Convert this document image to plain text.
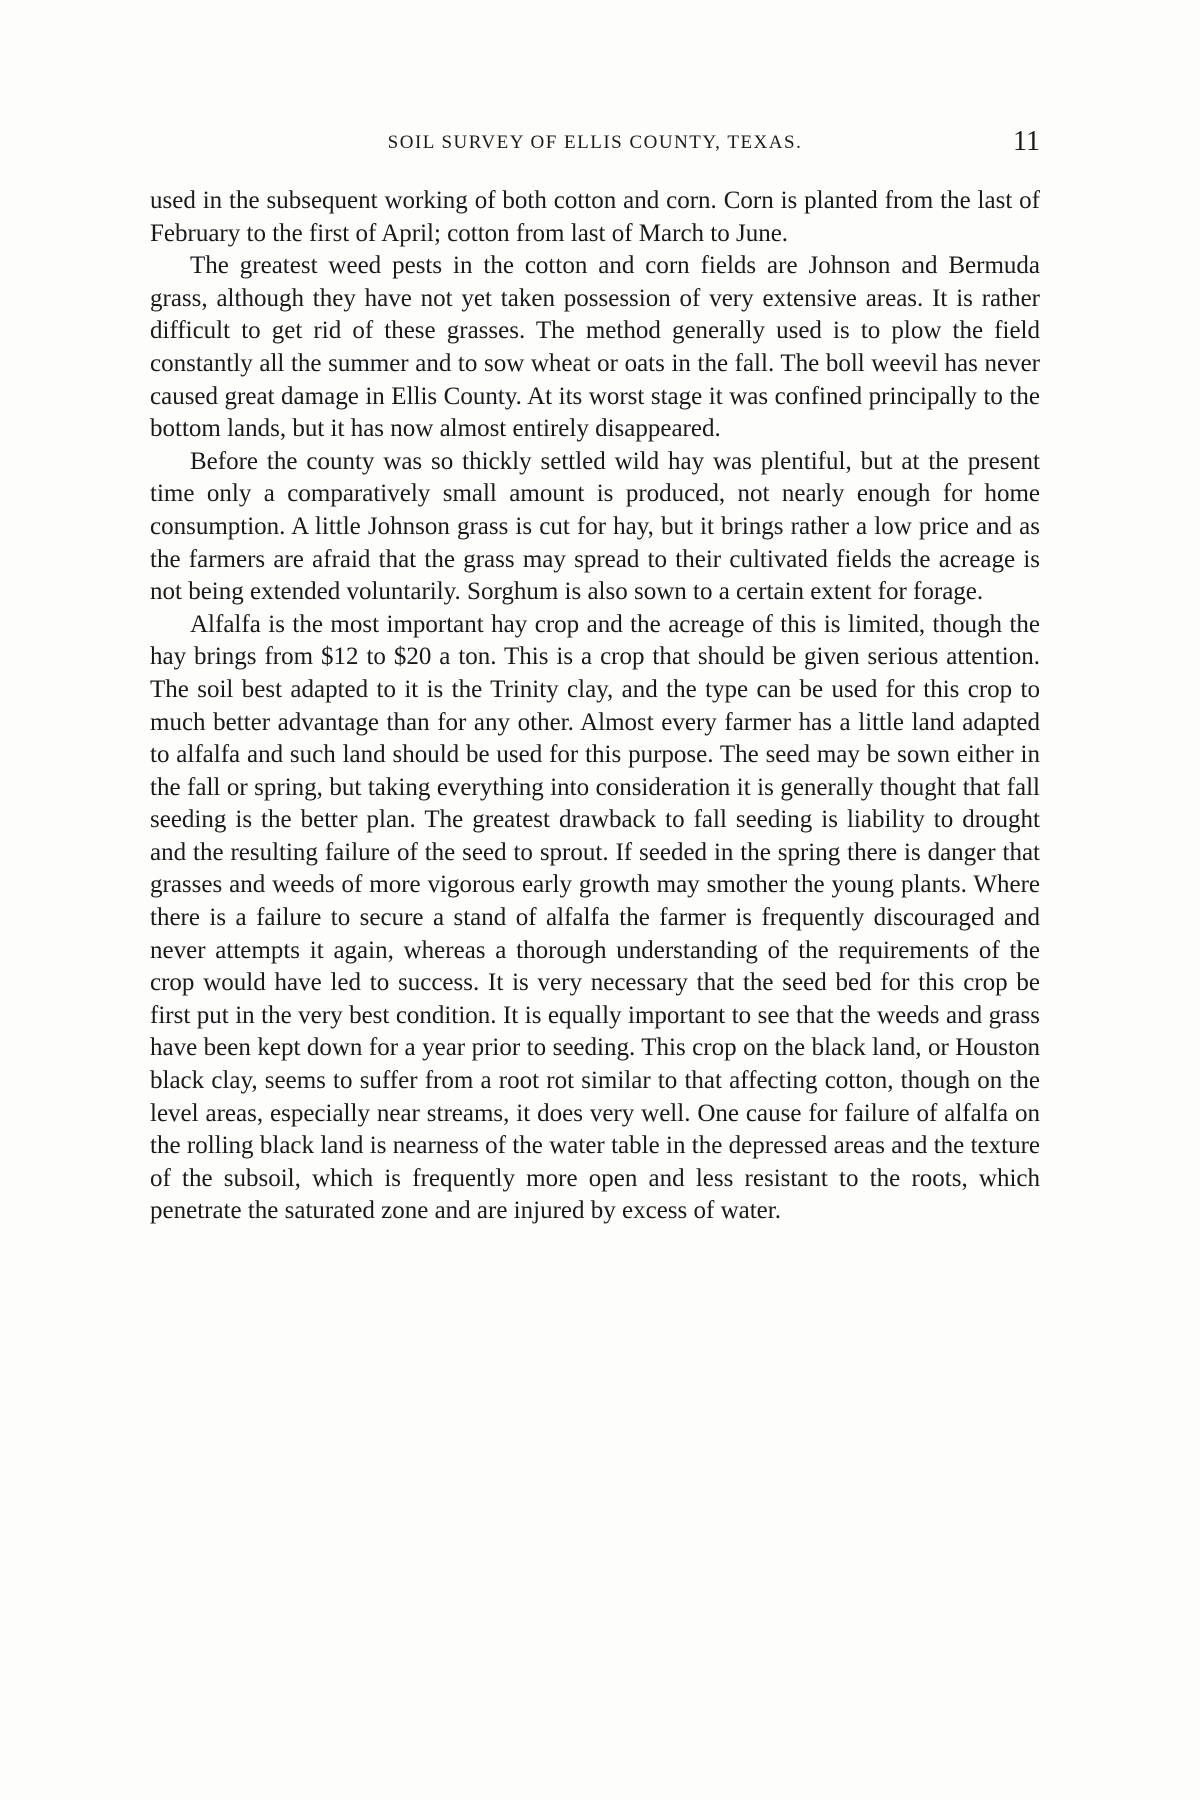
SOIL SURVEY OF ELLIS COUNTY, TEXAS.	11

used in the subsequent working of both cotton and corn. Corn is planted from the last of February to the first of April; cotton from last of March to June.

The greatest weed pests in the cotton and corn fields are Johnson and Bermuda grass, although they have not yet taken possession of very extensive areas. It is rather difficult to get rid of these grasses. The method generally used is to plow the field constantly all the summer and to sow wheat or oats in the fall. The boll weevil has never caused great damage in Ellis County. At its worst stage it was confined principally to the bottom lands, but it has now almost entirely disappeared.

Before the county was so thickly settled wild hay was plentiful, but at the present time only a comparatively small amount is produced, not nearly enough for home consumption. A little Johnson grass is cut for hay, but it brings rather a low price and as the farmers are afraid that the grass may spread to their cultivated fields the acreage is not being extended voluntarily. Sorghum is also sown to a certain extent for forage.

Alfalfa is the most important hay crop and the acreage of this is limited, though the hay brings from $12 to $20 a ton. This is a crop that should be given serious attention. The soil best adapted to it is the Trinity clay, and the type can be used for this crop to much better advantage than for any other. Almost every farmer has a little land adapted to alfalfa and such land should be used for this purpose. The seed may be sown either in the fall or spring, but taking everything into consideration it is generally thought that fall seeding is the better plan. The greatest drawback to fall seeding is liability to drought and the resulting failure of the seed to sprout. If seeded in the spring there is danger that grasses and weeds of more vigorous early growth may smother the young plants. Where there is a failure to secure a stand of alfalfa the farmer is frequently discouraged and never attempts it again, whereas a thorough understanding of the requirements of the crop would have led to success. It is very necessary that the seed bed for this crop be first put in the very best condition. It is equally important to see that the weeds and grass have been kept down for a year prior to seeding. This crop on the black land, or Houston black clay, seems to suffer from a root rot similar to that affecting cotton, though on the level areas, especially near streams, it does very well. One cause for failure of alfalfa on the rolling black land is nearness of the water table in the depressed areas and the texture of the subsoil, which is frequently more open and less resistant to the roots, which penetrate the saturated zone and are injured by excess of water.
